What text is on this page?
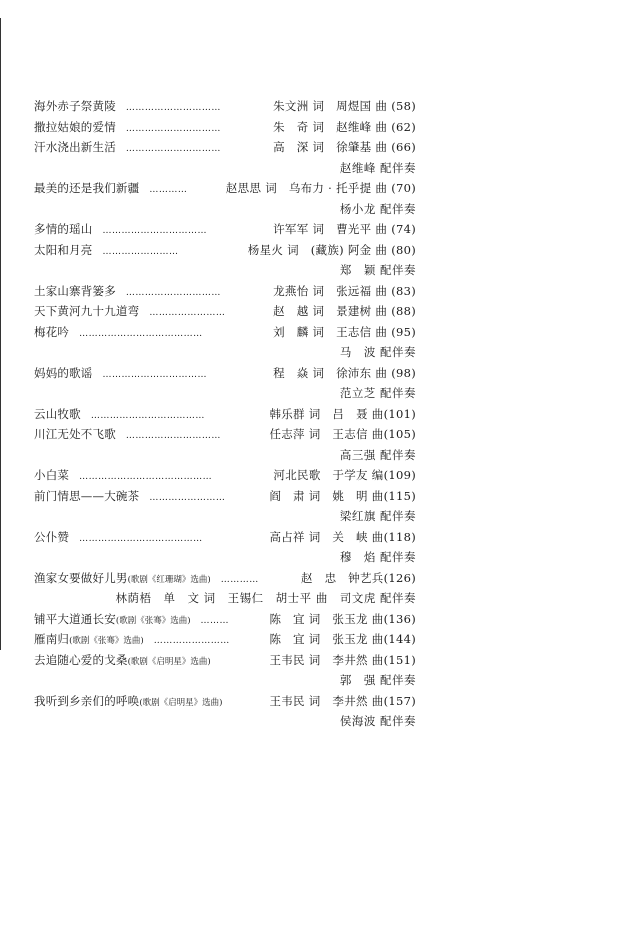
海外赤子祭黄陵 …………………………	朱文洲 词　周煜国 曲 (58)
撒拉姑娘的爱情 …………………………	朱　奇 词　赵维峰 曲 (62)
汗水浇出新生活 …………………………	高　深 词　徐肇基 曲 (66)
赵维峰 配伴奏
最美的还是我们新疆 …………	赵思思 词　乌布力 · 托乎提 曲 (70)
杨小龙 配伴奏
多情的瑶山 ……………………………	许军军 词　曹光平 曲 (74)
太阳和月亮 ……………………	杨星火 词　(藏族) 阿金 曲 (80)
郑　颖 配伴奏
土家山寨背篓多 …………………………	龙燕怡 词　张远福 曲 (83)
天下黄河九十九道弯 ……………………	赵　越 词　景建树 曲 (88)
梅花吟 …………………………………	刘　麟 词　王志信 曲 (95)
马　波 配伴奏
妈妈的歌谣 ……………………………	程　焱 词　徐沛东 曲 (98)
范立芝 配伴奏
云山牧歌 ………………………………	韩乐群 词　吕　聂 曲(101)
川江无处不飞歌 …………………………	任志萍 词　王志信 曲(105)
高三强 配伴奏
小白菜 ……………………………………	河北民歌　于学友 编(109)
前门情思——大碗茶 ……………………	阎　肃 词　姚　明 曲(115)
梁红旗 配伴奏
公仆赞 …………………………………	高占祥 词　关　峡 曲(118)
穆　焰 配伴奏
渔家女要做好儿男(歌剧《红珊瑚》选曲) …………	赵　忠　钟艺兵(126)
林荫梧　单　文 词　王锡仁　胡士平 曲　司文虎 配伴奏
铺平大道通长安(歌剧《张骞》选曲) ………	陈　宜 词　张玉龙 曲(136)
雁南归(歌剧《张骞》选曲) ……………………	陈　宜 词　张玉龙 曲(144)
去追随心爱的戈桑(歌剧《启明星》选曲)	王韦民 词　李井然 曲(151)
郭　强 配伴奏
我听到乡亲们的呼唤(歌剧《启明星》选曲)	王韦民 词　李井然 曲(157)
侯海波 配伴奏
